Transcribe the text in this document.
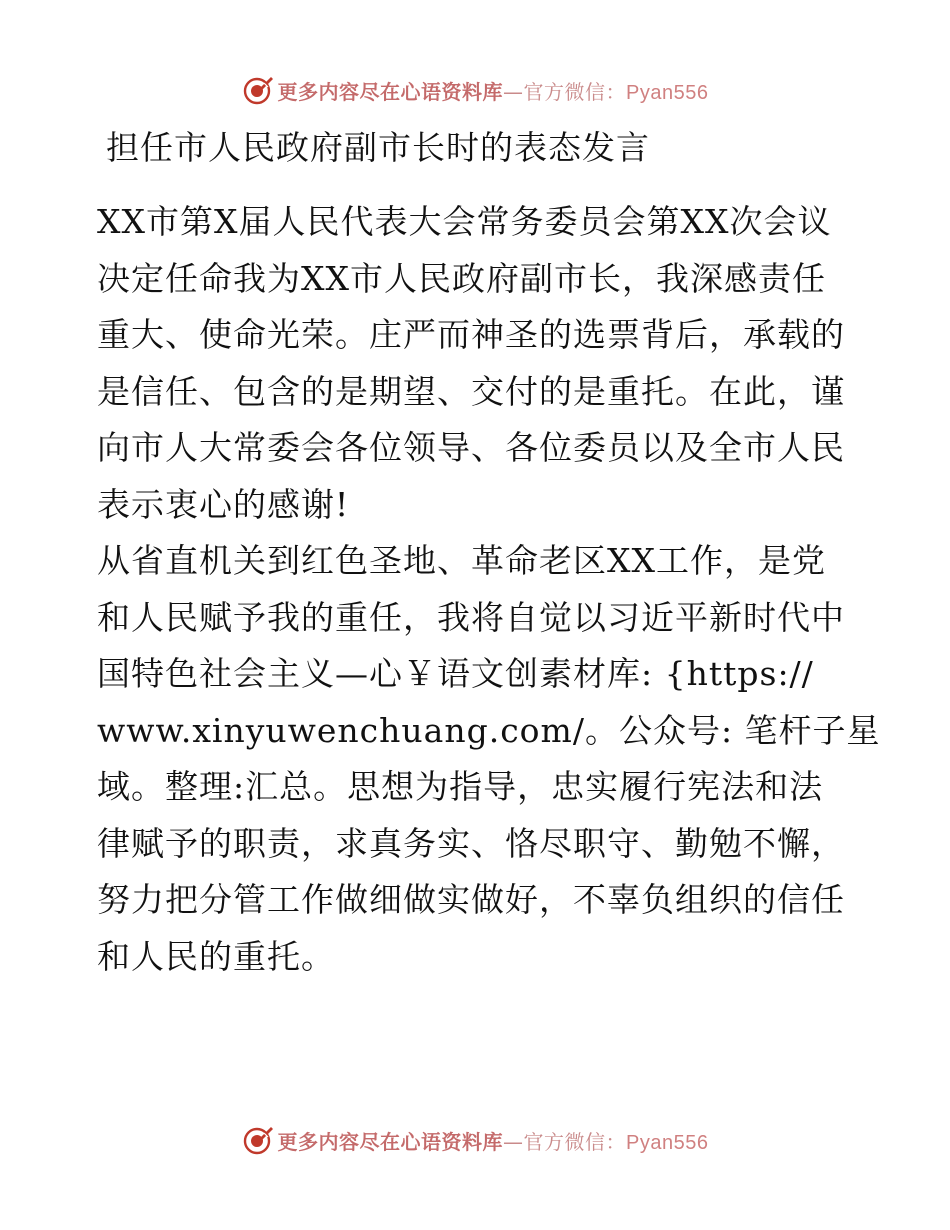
更多内容尽在心语资料库—官方微信：Pyan556
担任市人民政府副市长时的表态发言
XX市第X届人民代表大会常务委员会第XX次会议
决定任命我为XX市人民政府副市长，我深感责任
重大、使命光荣。庄严而神圣的选票背后，承载的
是信任、包含的是期望、交付的是重托。在此，谨
向市人大常委会各位领导、各位委员以及全市人民
表示衷心的感谢!
从省直机关到红色圣地、革命老区XX工作，是党
和人民赋予我的重任，我将自觉以习近平新时代中
国特色社会主义—心￥语文创素材库: {https://
www.xinyuwenchuang.com/。公众号: 笔杆子星
域。整理:汇总。思想为指导，忠实履行宪法和法
律赋予的职责，求真务实、恪尽职守、勤勉不懈，
努力把分管工作做细做实做好，不辜负组织的信任
和人民的重托。
更多内容尽在心语资料库—官方微信：Pyan556
